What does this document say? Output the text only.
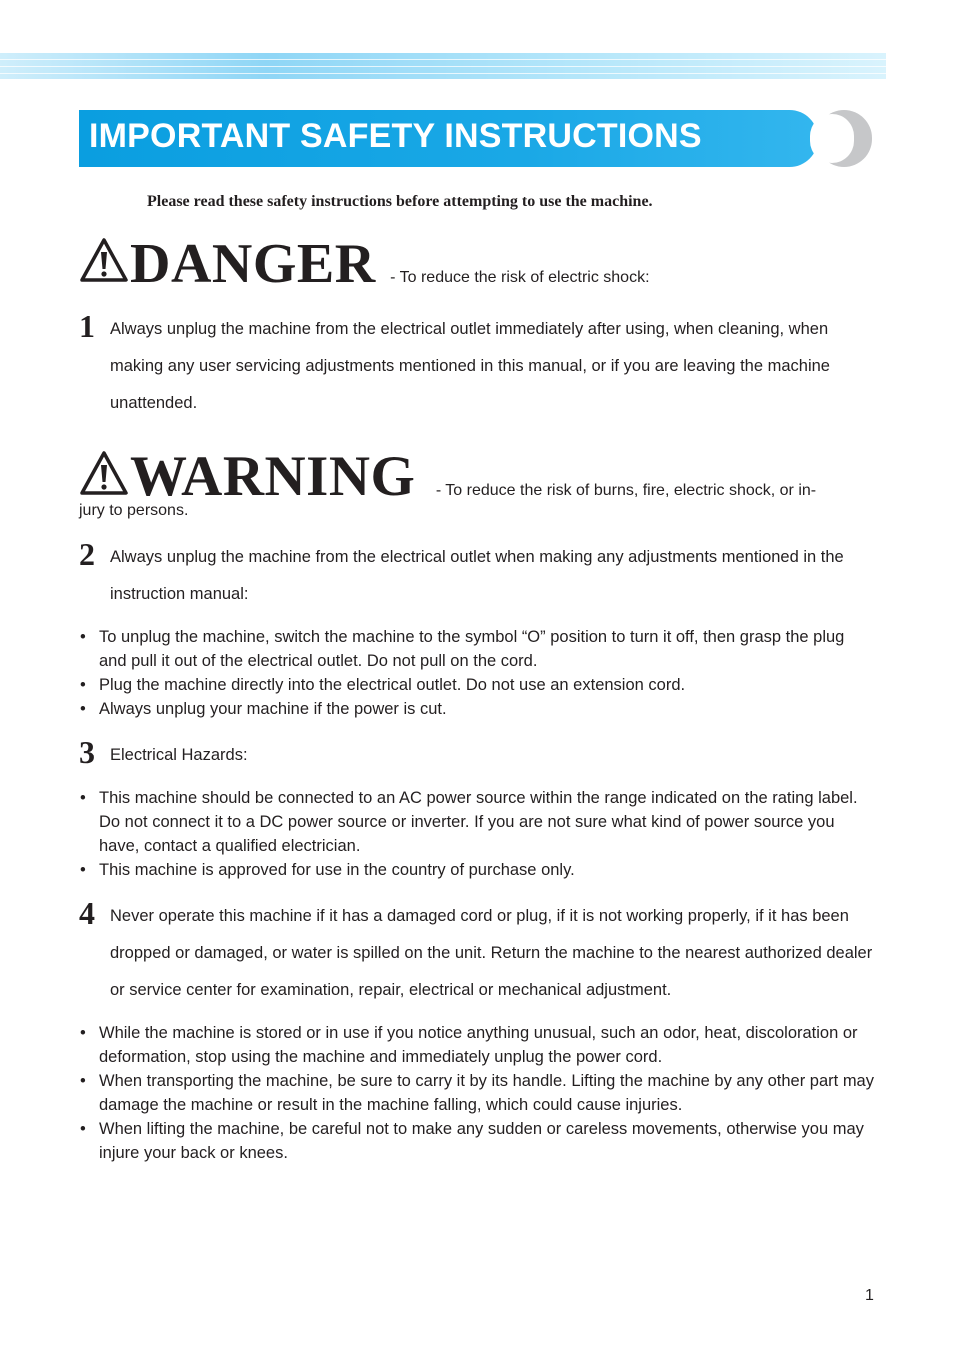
IMPORTANT SAFETY INSTRUCTIONS
Please read these safety instructions before attempting to use the machine.
DANGER - To reduce the risk of electric shock:
1 Always unplug the machine from the electrical outlet immediately after using, when cleaning, when making any user servicing adjustments mentioned in this manual, or if you are leaving the machine unattended.
WARNING - To reduce the risk of burns, fire, electric shock, or in-
jury to persons.
2 Always unplug the machine from the electrical outlet when making any adjustments mentioned in the instruction manual:
• To unplug the machine, switch the machine to the symbol “O” position to turn it off, then grasp the plug and pull it out of the electrical outlet. Do not pull on the cord.
• Plug the machine directly into the electrical outlet. Do not use an extension cord.
• Always unplug your machine if the power is cut.
3 Electrical Hazards:
• This machine should be connected to an AC power source within the range indicated on the rating label. Do not connect it to a DC power source or inverter. If you are not sure what kind of power source you have, contact a qualified electrician.
• This machine is approved for use in the country of purchase only.
4 Never operate this machine if it has a damaged cord or plug, if it is not working properly, if it has been dropped or damaged, or water is spilled on the unit. Return the machine to the nearest authorized dealer or service center for examination, repair, electrical or mechanical adjustment.
• While the machine is stored or in use if you notice anything unusual, such an odor, heat, discoloration or deformation, stop using the machine and immediately unplug the power cord.
• When transporting the machine, be sure to carry it by its handle. Lifting the machine by any other part may damage the machine or result in the machine falling, which could cause injuries.
• When lifting the machine, be careful not to make any sudden or careless movements, otherwise you may injure your back or knees.
1
